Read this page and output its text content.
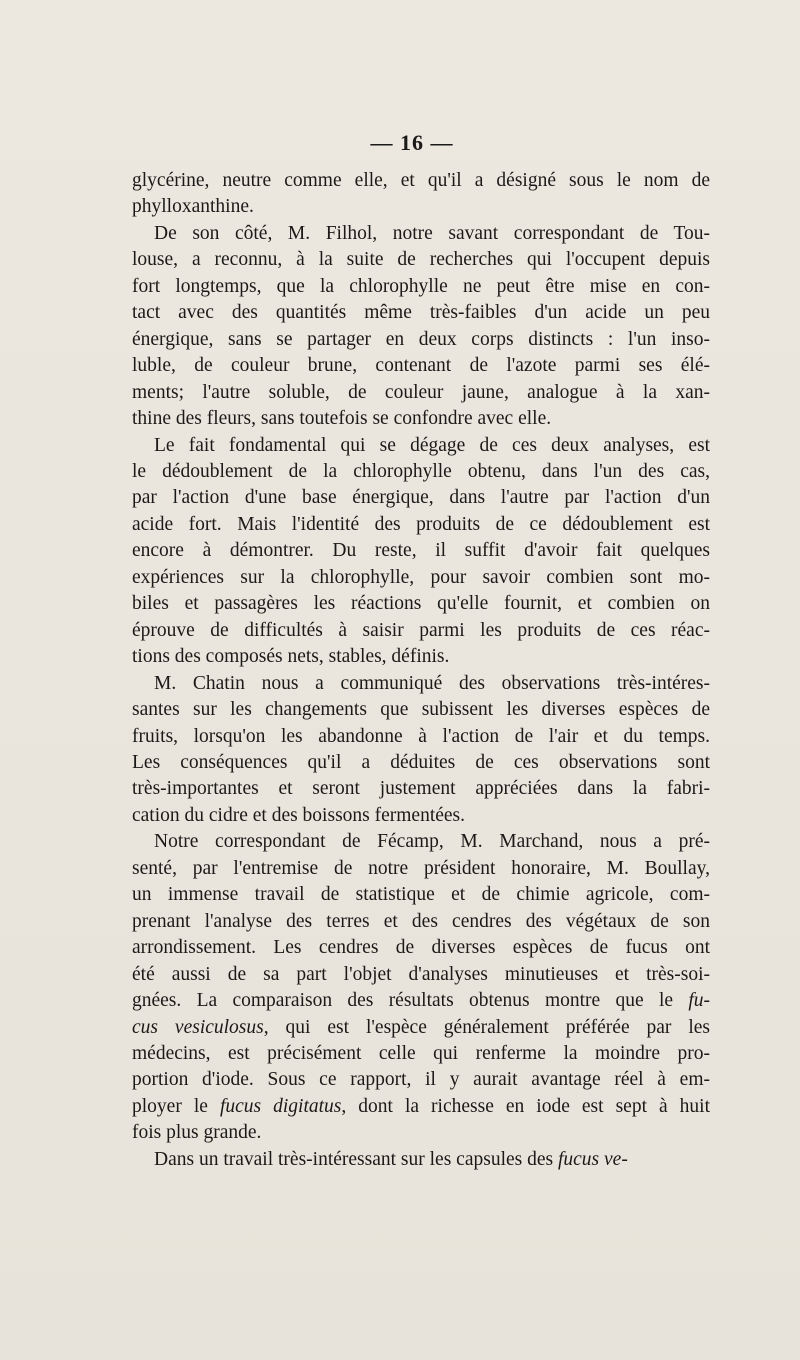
— 16 —
glycérine, neutre comme elle, et qu'il a désigné sous le nom de
phylloxanthine.
De son côté, M. Filhol, notre savant correspondant de Tou-
louse, a reconnu, à la suite de recherches qui l'occupent depuis
fort longtemps, que la chlorophylle ne peut être mise en con-
tact avec des quantités même très-faibles d'un acide un peu
énergique, sans se partager en deux corps distincts : l'un inso-
luble, de couleur brune, contenant de l'azote parmi ses élé-
ments; l'autre soluble, de couleur jaune, analogue à la xan-
thine des fleurs, sans toutefois se confondre avec elle.
Le fait fondamental qui se dégage de ces deux analyses, est
le dédoublement de la chlorophylle obtenu, dans l'un des cas,
par l'action d'une base énergique, dans l'autre par l'action d'un
acide fort. Mais l'identité des produits de ce dédoublement est
encore à démontrer. Du reste, il suffit d'avoir fait quelques
expériences sur la chlorophylle, pour savoir combien sont mo-
biles et passagères les réactions qu'elle fournit, et combien on
éprouve de difficultés à saisir parmi les produits de ces réac-
tions des composés nets, stables, définis.
M. Chatin nous a communiqué des observations très-intéres-
santes sur les changements que subissent les diverses espèces de
fruits, lorsqu'on les abandonne à l'action de l'air et du temps.
Les conséquences qu'il a déduites de ces observations sont
très-importantes et seront justement appréciées dans la fabri-
cation du cidre et des boissons fermentées.
Notre correspondant de Fécamp, M. Marchand, nous a pré-
senté, par l'entremise de notre président honoraire, M. Boullay,
un immense travail de statistique et de chimie agricole, com-
prenant l'analyse des terres et des cendres des végétaux de son
arrondissement. Les cendres de diverses espèces de fucus ont
été aussi de sa part l'objet d'analyses minutieuses et très-soi-
gnées. La comparaison des résultats obtenus montre que le fu-
cus vesiculosus, qui est l'espèce généralement préférée par les
médecins, est précisément celle qui renferme la moindre pro-
portion d'iode. Sous ce rapport, il y aurait avantage réel à em-
ployer le fucus digitatus, dont la richesse en iode est sept à huit
fois plus grande.
Dans un travail très-intéressant sur les capsules des fucus ve-
